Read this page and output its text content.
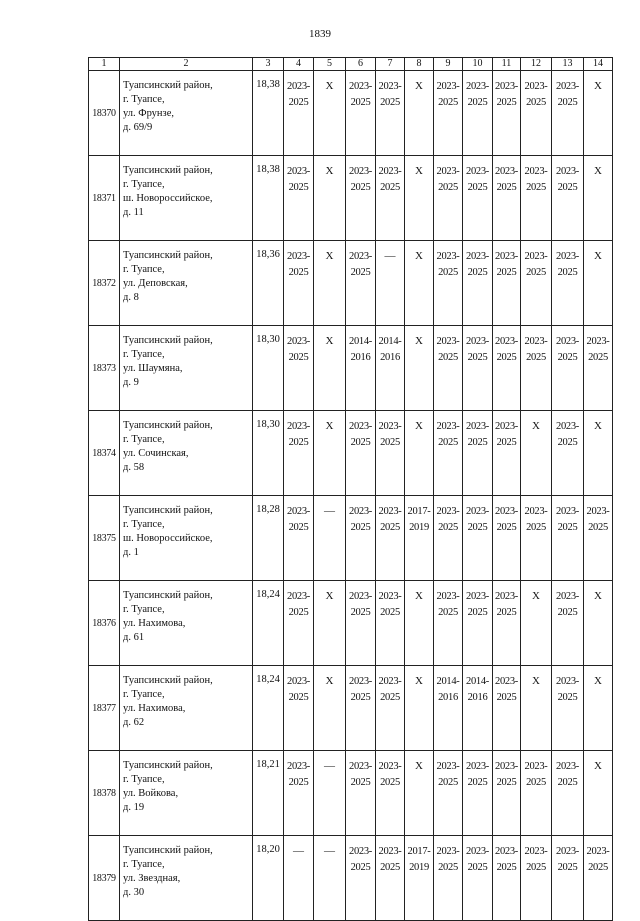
1839
1	2	3	4	5	6	7	8	9	10	11	12	13	14
18370	Туапсинский район,
г. Туапсе,
ул. Фрунзе,
д. 69/9	18,38	2023-
2025	X	2023-
2025	2023-
2025	X	2023-
2025	2023-
2025	2023-
2025	2023-
2025	2023-
2025	X
18371	Туапсинский район,
г. Туапсе,
ш. Новороссийское,
д. 11	18,38	2023-
2025	X	2023-
2025	2023-
2025	X	2023-
2025	2023-
2025	2023-
2025	2023-
2025	2023-
2025	X
18372	Туапсинский район,
г. Туапсе,
ул. Деповская,
д. 8	18,36	2023-
2025	X	2023-
2025	—	X	2023-
2025	2023-
2025	2023-
2025	2023-
2025	2023-
2025	X
18373	Туапсинский район,
г. Туапсе,
ул. Шаумяна,
д. 9	18,30	2023-
2025	X	2014-
2016	2014-
2016	X	2023-
2025	2023-
2025	2023-
2025	2023-
2025	2023-
2025	2023-
2025

18374	Туапсинский район,
г. Туапсе,
ул. Сочинская,
д. 58	18,30	2023-
2025	X	2023-
2025	2023-
2025	X	2023-
2025	2023-
2025	2023-
2025	X	2023-
2025	X
18375	Туапсинский район,
г. Туапсе,
ш. Новороссийское,
д. 1	18,28	2023-
2025	—	2023-
2025	2023-
2025	2017-
2019	2023-
2025	2023-
2025	2023-
2025	2023-
2025	2023-
2025	2023-
2025

18376	Туапсинский район,
г. Туапсе,
ул. Нахимова,
д. 61	18,24	2023-
2025	X	2023-
2025	2023-
2025	X	2023-
2025	2023-
2025	2023-
2025	X	2023-
2025	X
18377	Туапсинский район,
г. Туапсе,
ул. Нахимова,
д. 62	18,24	2023-
2025	X	2023-
2025	2023-
2025	X	2014-
2016	2014-
2016	2023-
2025	X	2023-
2025	X
18378	Туапсинский район,
г. Туапсе,
ул. Войкова,
д. 19	18,21	2023-
2025	—	2023-
2025	2023-
2025	X	2023-
2025	2023-
2025	2023-
2025	2023-
2025	2023-
2025	X
18379	Туапсинский район,
г. Туапсе,
ул. Звездная,
д. 30	18,20	—	—	2023-
2025	2023-
2025	2017-
2019	2023-
2025	2023-
2025	2023-
2025	2023-
2025	2023-
2025	2023-
2025
